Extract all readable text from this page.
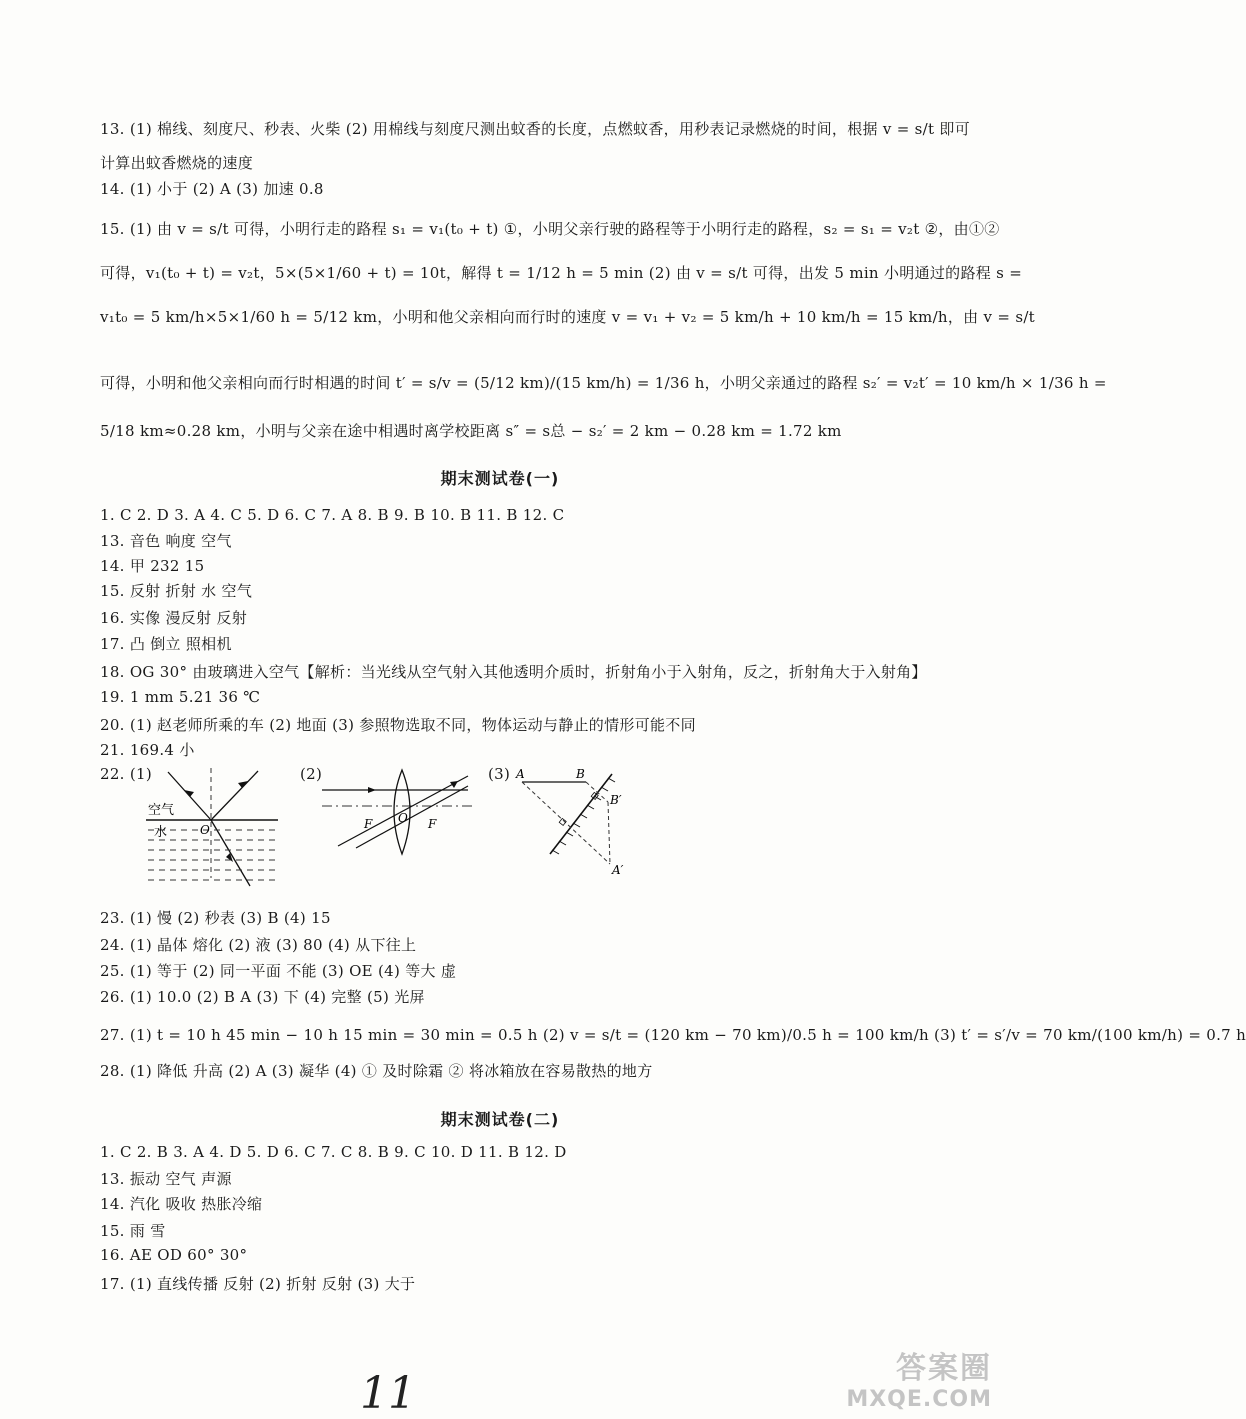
13. (1) 棉线、刻度尺、秒表、火柴 (2) 用棉线与刻度尺测出蚊香的长度，点燃蚊香，用秒表记录燃烧的时间，根据 v = s/t 即可
计算出蚊香燃烧的速度
14. (1) 小于 (2) A (3) 加速 0.8
15. (1) 由 v = s/t 可得，小明行走的路程 s₁ = v₁(t₀ + t) ①，小明父亲行驶的路程等于小明行走的路程，s₂ = s₁ = v₂t ②，由①②
可得，v₁(t₀ + t) = v₂t，5×(5×1/60 + t) = 10t，解得 t = 1/12 h = 5 min (2) 由 v = s/t 可得，出发 5 min 小明通过的路程 s =
v₁t₀ = 5 km/h×5×1/60 h = 5/12 km，小明和他父亲相向而行时的速度 v = v₁ + v₂ = 5 km/h + 10 km/h = 15 km/h，由 v = s/t
可得，小明和他父亲相向而行时相遇的时间 t′ = s/v = (5/12 km)/(15 km/h) = 1/36 h，小明父亲通过的路程 s₂′ = v₂t′ = 10 km/h × 1/36 h =
5/18 km≈0.28 km，小明与父亲在途中相遇时离学校距离 s″ = s总 − s₂′ = 2 km − 0.28 km = 1.72 km
期末测试卷(一)
1. C 2. D 3. A 4. C 5. D 6. C 7. A 8. B 9. B 10. B 11. B 12. C
13. 音色 响度 空气
14. 甲 232 15
15. 反射 折射 水 空气
16. 实像 漫反射 反射
17. 凸 倒立 照相机
18. OG 30° 由玻璃进入空气【解析：当光线从空气射入其他透明介质时，折射角小于入射角，反之，折射角大于入射角】
19. 1 mm 5.21 36 ℃
20. (1) 赵老师所乘的车 (2) 地面 (3) 参照物选取不同，物体运动与静止的情形可能不同
21. 169.4 小
22. (1)	(2)	(3)
空气
水	O	F O F
A	B
B′
A′
23. (1) 慢 (2) 秒表 (3) B (4) 15
24. (1) 晶体 熔化 (2) 液 (3) 80 (4) 从下往上
25. (1) 等于 (2) 同一平面 不能 (3) OE (4) 等大 虚
26. (1) 10.0 (2) B A (3) 下 (4) 完整 (5) 光屏
27. (1) t = 10 h 45 min − 10 h 15 min = 30 min = 0.5 h (2) v = s/t = (120 km − 70 km)/0.5 h = 100 km/h (3) t′ = s′/v = 70 km/(100 km/h) = 0.7 h
28. (1) 降低 升高 (2) A (3) 凝华 (4) ① 及时除霜 ② 将冰箱放在容易散热的地方
期末测试卷(二)
1. C 2. B 3. A 4. D 5. D 6. C 7. C 8. B 9. C 10. D 11. B 12. D
13. 振动 空气 声源
14. 汽化 吸收 热胀冷缩
15. 雨 雪
16. AE OD 60° 30°
17. (1) 直线传播 反射 (2) 折射 反射 (3) 大于
11	答案圈
MXQE.COM
